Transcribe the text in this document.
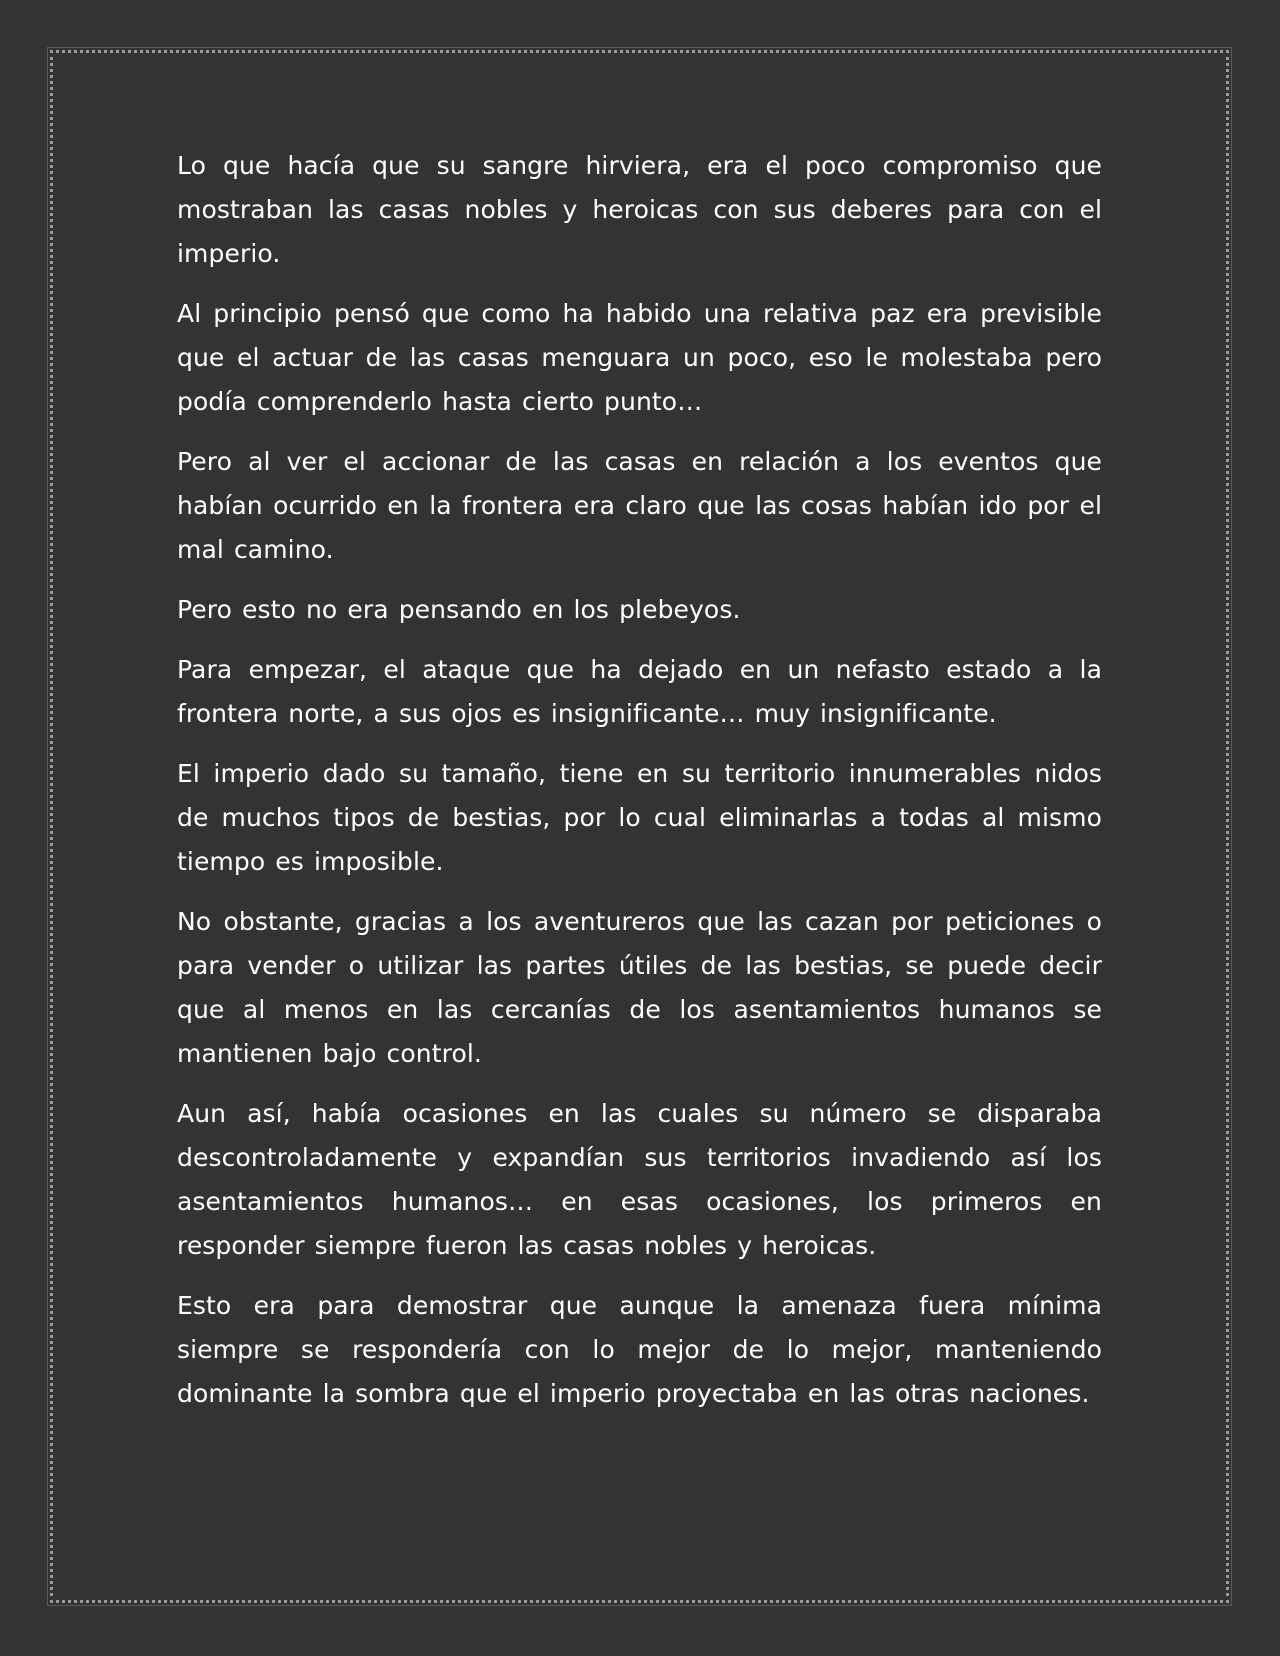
Lo que hacía que su sangre hirviera, era el poco compromiso que mostraban las casas nobles y heroicas con sus deberes para con el imperio.

Al principio pensó que como ha habido una relativa paz era previsible que el actuar de las casas menguara un poco, eso le molestaba pero podía comprenderlo hasta cierto punto…

Pero al ver el accionar de las casas en relación a los eventos que habían ocurrido en la frontera era claro que las cosas habían ido por el mal camino.

Pero esto no era pensando en los plebeyos.

Para empezar, el ataque que ha dejado en un nefasto estado a la frontera norte, a sus ojos es insignificante… muy insignificante.

El imperio dado su tamaño, tiene en su territorio innumerables nidos de muchos tipos de bestias, por lo cual eliminarlas a todas al mismo tiempo es imposible.

No obstante, gracias a los aventureros que las cazan por peticiones o para vender o utilizar las partes útiles de las bestias, se puede decir que al menos en las cercanías de los asentamientos humanos se mantienen bajo control.

Aun así, había ocasiones en las cuales su número se disparaba descontroladamente y expandían sus territorios invadiendo así los asentamientos humanos… en esas ocasiones, los primeros en responder siempre fueron las casas nobles y heroicas.

Esto era para demostrar que aunque la amenaza fuera mínima siempre se respondería con lo mejor de lo mejor, manteniendo dominante la sombra que el imperio proyectaba en las otras naciones.
